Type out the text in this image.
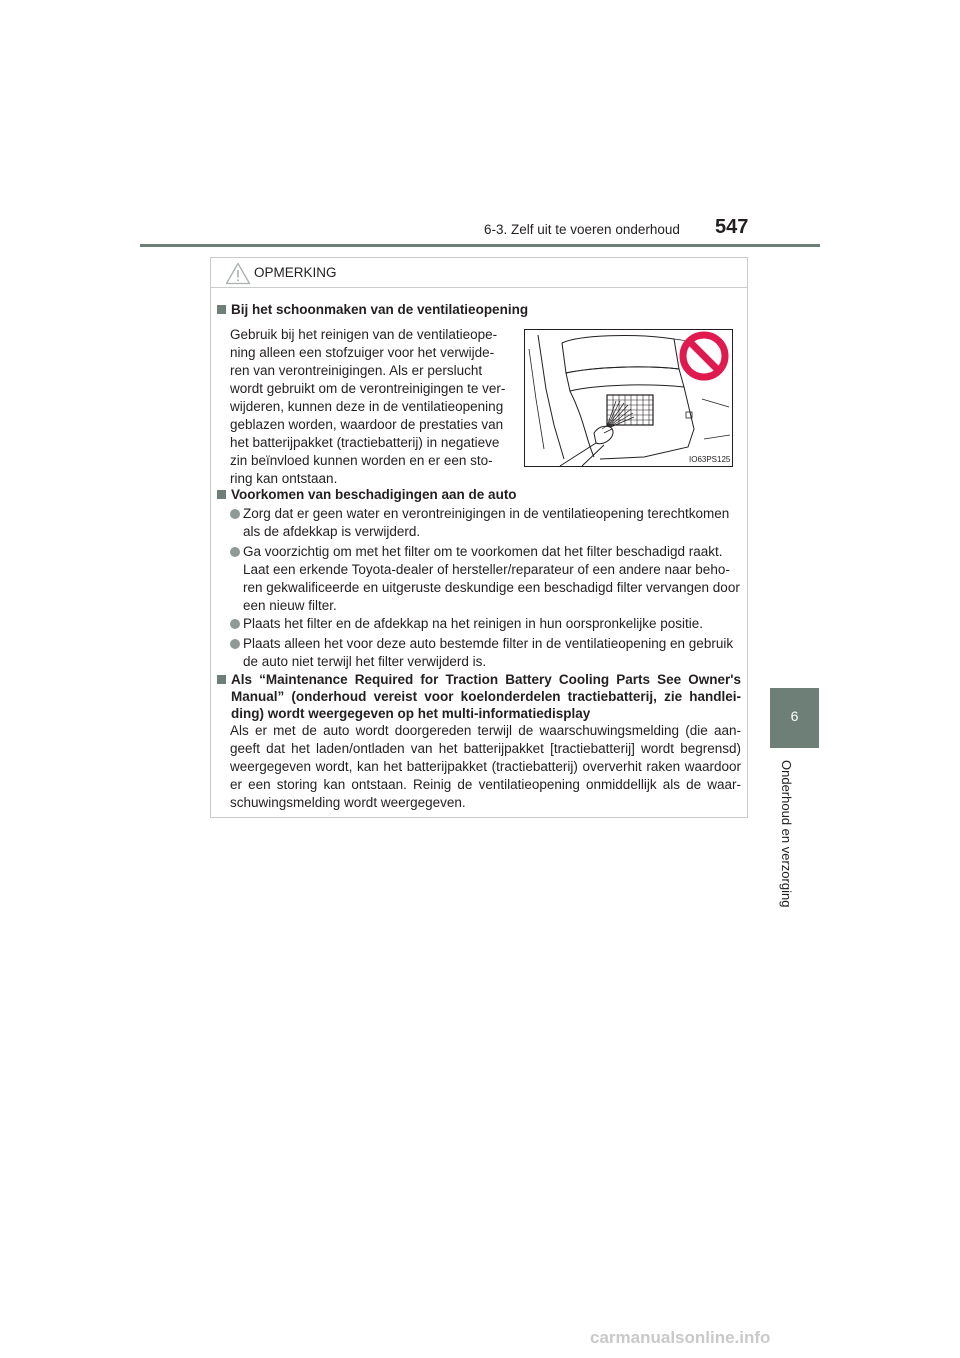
6-3. Zelf uit te voeren onderhoud 547
6
Onderhoud en verzorging
OPMERKING
Bij het schoonmaken van de ventilatieopening
Gebruik bij het reinigen van de ventilatieope-
ning alleen een stofzuiger voor het verwijde-
ren van verontreinigingen. Als er perslucht
wordt gebruikt om de verontreinigingen te ver-
wijderen, kunnen deze in de ventilatieopening
geblazen worden, waardoor de prestaties van
het batterijpakket (tractiebatterij) in negatieve
zin beïnvloed kunnen worden en er een sto-
ring kan ontstaan.
IO63PS125
Voorkomen van beschadigingen aan de auto
Zorg dat er geen water en verontreinigingen in de ventilatieopening terechtkomen
als de afdekkap is verwijderd.
Ga voorzichtig om met het filter om te voorkomen dat het filter beschadigd raakt.
Laat een erkende Toyota-dealer of hersteller/reparateur of een andere naar beho-
ren gekwalificeerde en uitgeruste deskundige een beschadigd filter vervangen door
een nieuw filter.
Plaats het filter en de afdekkap na het reinigen in hun oorspronkelijke positie.
Plaats alleen het voor deze auto bestemde filter in de ventilatieopening en gebruik
de auto niet terwijl het filter verwijderd is.
Als “Maintenance Required for Traction Battery Cooling Parts See Owner's
Manual” (onderhoud vereist voor koelonderdelen tractiebatterij, zie handlei-
ding) wordt weergegeven op het multi-informatiedisplay
Als er met de auto wordt doorgereden terwijl de waarschuwingsmelding (die aan-
geeft dat het laden/ontladen van het batterijpakket [tractiebatterij] wordt begrensd)
weergegeven wordt, kan het batterijpakket (tractiebatterij) oververhit raken waardoor
er een storing kan ontstaan. Reinig de ventilatieopening onmiddellijk als de waar-
schuwingsmelding wordt weergegeven.
carmanualsonline.info
